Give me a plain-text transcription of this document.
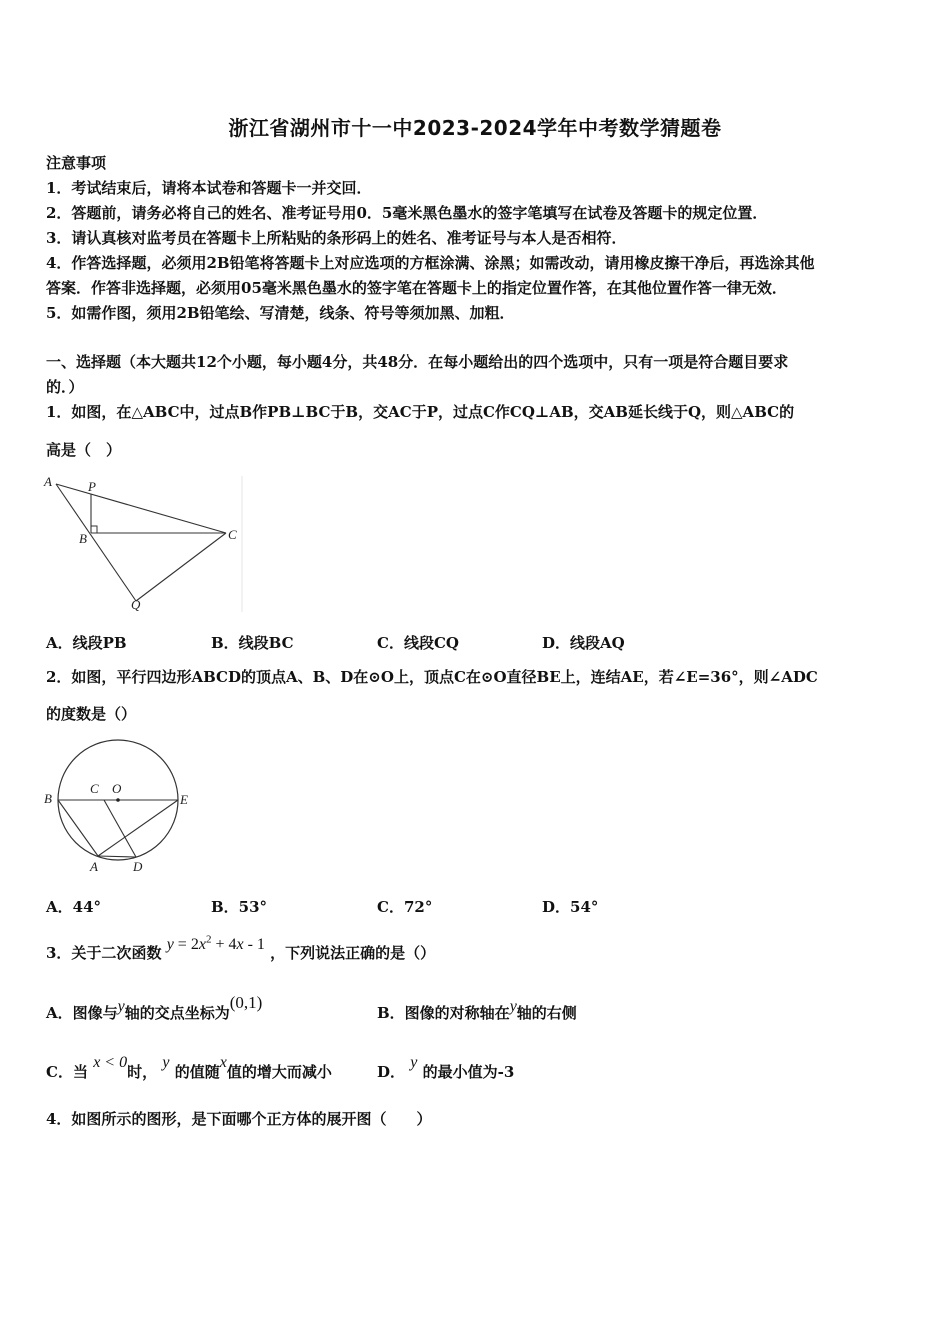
浙江省湖州市十一中2023-2024学年中考数学猜题卷
注意事项
1．考试结束后，请将本试卷和答题卡一并交回．
2．答题前，请务必将自己的姓名、准考证号用0．5毫米黑色墨水的签字笔填写在试卷及答题卡的规定位置．
3．请认真核对监考员在答题卡上所粘贴的条形码上的姓名、准考证号与本人是否相符．
4．作答选择题，必须用2B铅笔将答题卡上对应选项的方框涂满、涂黑；如需改动，请用橡皮擦干净后，再选涂其他
答案．作答非选择题，必须用05毫米黑色墨水的签字笔在答题卡上的指定位置作答，在其他位置作答一律无效．
5．如需作图，须用2B铅笔绘、写清楚，线条、符号等须加黑、加粗．
一、选择题（本大题共12个小题，每小题4分，共48分．在每小题给出的四个选项中，只有一项是符合题目要求
的．）
1．如图，在△ABC中，过点B作PB⊥BC于B，交AC于P，过点C作CQ⊥AB，交AB延长线于Q，则△ABC的
高是（　）
A	P
B	C
Q
A．线段PB	B．线段BC	C．线段CQ	D．线段AQ
2．如图，平行四边形ABCD的顶点A、B、D在⊙O上，顶点C在⊙O直径BE上，连结AE，若∠E=36°，则∠ADC
的度数是（）
B
C O
E
A	D
A．44°	B．53°	C．72°	D．54°
3．关于二次函数 $y = 2x^2 + 4x - 1$ ，下列说法正确的是（）
A．图像与y轴的交点坐标为(0,1)
B．图像的对称轴在y轴的右侧
C．当 x < 0时， y 的值随x值的增大而减小	D． y 的最小值为-3
4．如图所示的图形，是下面哪个正方体的展开图（　　）
